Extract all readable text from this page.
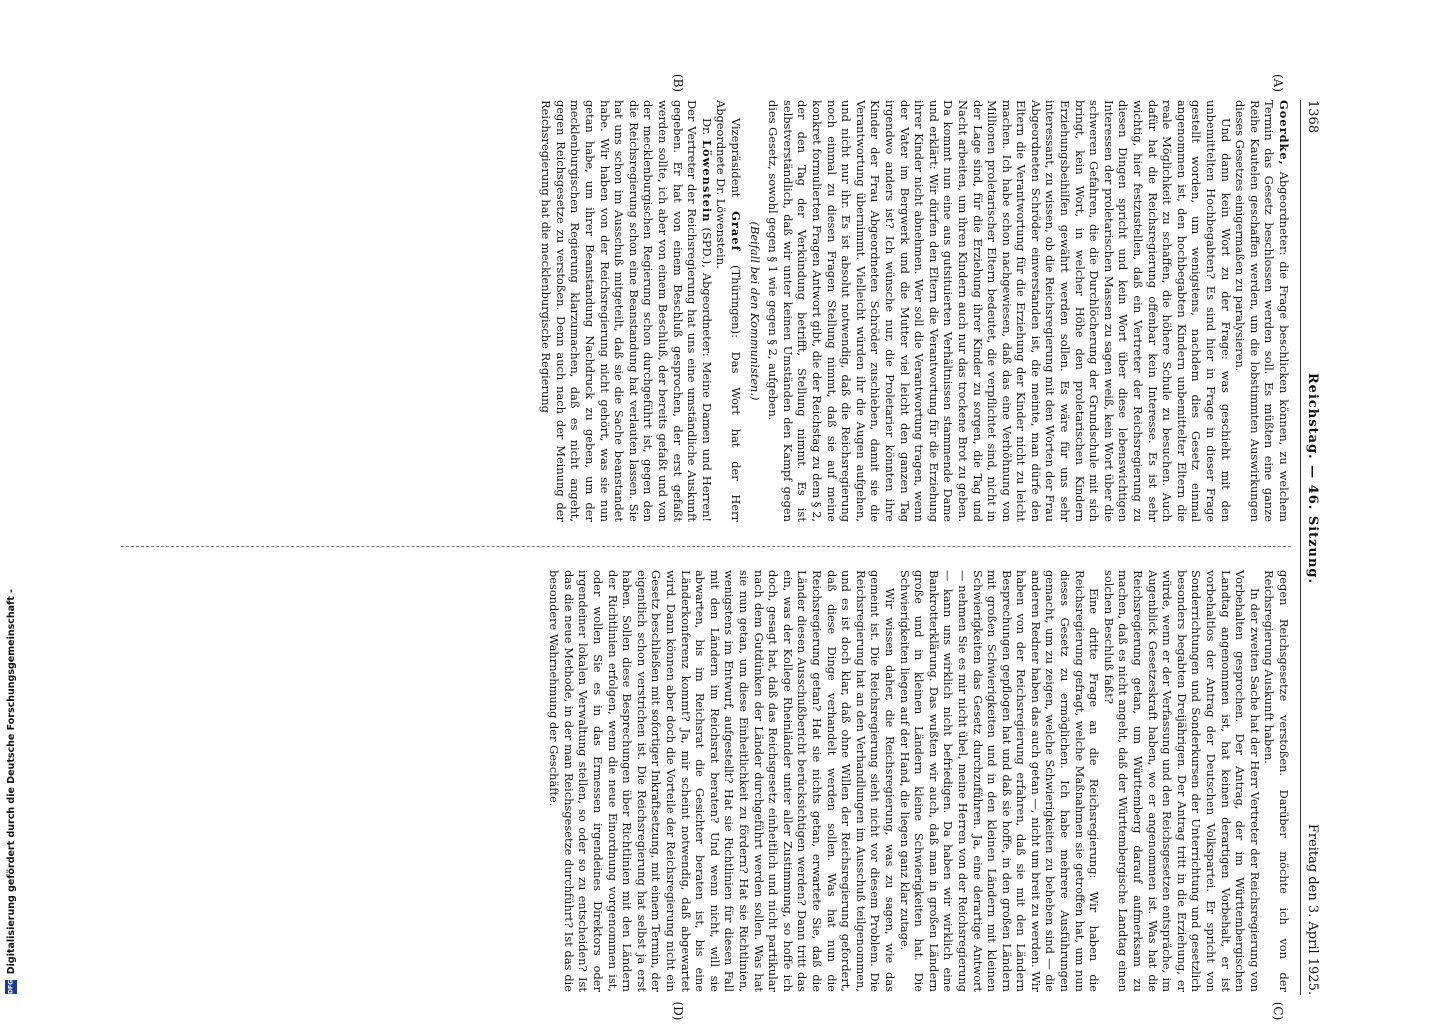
Digitalisierung gefördert durch die Deutsche Forschungsgemeinschaft -
DFG
1368
Reichstag. — 46. Sitzung.
Freitag den 3. April 1925.
(A)
(B)
(C)
(D)

Goerdke, Abgeordneter: die Frage beschlicken können, zu welchem Termin das Gesetz beschlossen werden soll. Es müßten eine ganze Reihe Kautelen geschaffen werden, um die lobstimmten Auswirkungen dieses Gesetzes einigermaßen zu paralysieren.

Und dann kein Wort zu der Frage: was geschieht mit den unbemittelten Hochbegabten? Es sind hier in Frage in dieser Frage gestellt worden, um wenigstens, nachdem dies Gesetz einmal angenommen ist, den hochbegabten Kindern unbemittelter Eltern die reale Möglichkeit zu schaffen, die höhere Schule zu besuchen. Auch dafür hat die Reichsregierung offenbar kein Interesse. Es ist sehr wichtig, hier festzustellen, daß ein Vertreter der Reichsregierung zu diesen Dingen spricht und kein Wort über diese lebenswichtigen Interessen der proletarischen Massen zu sagen weiß, kein Wort über die schweren Gefahren, die die Durchlöcherung der Grundschule mit sich bringt, kein Wort, in welcher Höhe den proletarischen Kindern Erziehungsbeihilfen gewährt werden sollen. Es wäre für uns sehr interessant, zu wissen, ob die Reichsregierung mit den Worten der Frau Abgeordneten Schröder einverstanden ist, die meinte, man dürfe den Eltern die Verantwortung für die Erziehung der Kinder nicht zu leicht machen. Ich habe schon nachgewiesen, daß das eine Verhöhnung von Millionen proletarischer Eltern bedeutet, die verpflichtet sind, nicht in der Lage sind, für die Erziehung ihrer Kinder zu sorgen, die Tag und Nacht arbeiten, um ihren Kindern auch nur das trockene Brot zu geben. Da kommt nun eine aus gutsituierten Verhältnissen stammende Dame und erklärt: Wir dürfen den Eltern die Verantwortung für die Erziehung ihrer Kinder nicht abnehmen. Wer soll die Verantwortung tragen, wenn der Vater im Bergwerk und die Mutter viel leicht den ganzen Tag irgendwo anders ist? Ich wünsche nur, die Proletarier könnten ihre Kinder der Frau Abgeordneten Schröder zuschieben, damit sie die Verantwortung übernimmt. Vielleicht würden ihr die Augen aufgehen, und nicht nur ihr. Es ist absolut notwendig, daß die Reichsregierung noch einmal zu diesen Fragen Stellung nimmt, daß sie auf meine konkret formulierten Fragen Antwort gibt, die der Reichstag zu dem § 2, der den Tag der Verkündung betrifft, Stellung nimmt. Es ist selbstverständlich, daß wir unter keinen Umständen den Kampf gegen dies Gesetz, sowohl gegen § 1 wie gegen § 2, aufgeben.

(Beifall bei den Kommunisten.)

Vizepräsident Graef (Thüringen): Das Wort hat der Herr Abgeordnete Dr. Löwenstein.

Dr. Löwenstein (SPD.), Abgeordneter: Meine Damen und Herren! Der Vertreter der Reichsregierung hat uns eine umständliche Auskunft gegeben. Er hat von einem Beschluß gesprochen, der erst gefaßt werden sollte, ich aber von einem Beschluß, der bereits gefaßt und von der mecklenburgischen Regierung schon durchgeführt ist, gegen den die Reichsregierung schon eine Beanstandung hat verlauten lassen. Sie hat uns schon im Ausschuß mitgeteilt, daß sie die Sache beanstandet habe. Wir haben von der Reichsregierung nicht gehört, was sie nun getan habe, um ihrer Beanstandung Nachdruck zu geben, um der mecklenburgischen Regierung klarzumachen, daß es nicht angeht, gegen Reichsgesetze zu verstoßen. Denn auch nach der Meinung der Reichsregierung hat die mecklenburgische Regierung

gegen Reichsgesetze verstoßen. Darüber möchte ich von der Reichsregierung Auskunft haben.

In der zweiten Sache hat der Herr Vertreter der Reichsregierung von Vorbehalten gesprochen. Der Antrag, der im Württembergischen Landtag angenommen ist, hat keinen derartigen Vorbehalt, er ist vorbehaltlos der Antrag der Deutschen Volkspartei. Er spricht von Sonderrichtungen und Sonderkursen der Unterrichtung und gesetzlich besonders begabten Dreijährigen. Der Antrag tritt in die Erziehung, er würde, wenn er der Verfassung und den Reichsgesetzen entspräche, im Augenblick Gesetzeskraft haben, wo er angenommen ist. Was hat die Reichsregierung getan, um Württemberg darauf aufmerksam zu machen, daß es nicht angeht, daß der Württembergische Landtag einen solchen Beschluß faßt?

Eine dritte Frage an die Reichsregierung: Wir haben die Reichsregierung gefragt, welche Maßnahmen sie getroffen hat, um nun dieses Gesetz zu ermöglichen. Ich habe mehrere Ausführungen gemacht, um zu zeigen, welche Schwierigkeiten zu beheben sind — die anderen Redner haben das auch getan —, nicht um breit zu werden. Wir haben von der Reichsregierung erfahren, daß sie mit den Ländern Besprechungen gepflogen hat und daß sie hoffe, in den großen Ländern mit großen Schwierigkeiten und in den kleinen Ländern mit kleinen Schwierigkeiten das Gesetz durchzuführen. Ja, eine derartige Antwort — nehmen Sie es mir nicht übel, meine Herren von der Reichsregierung — kann uns wirklich nicht befriedigen. Da haben wir wirklich eine Bankrotterklärung. Das wußten wir auch, daß man in großen Ländern große und in kleinen Ländern kleine Schwierigkeiten hat. Die Schwierigkeiten liegen auf der Hand, die liegen ganz klar zutage.

Wir wissen daher, die Reichsregierung, was zu sagen, wie das gemeint ist. Die Reichsregierung sieht nicht vor diesem Problem. Die Reichsregierung hat an den Verhandlungen im Ausschuß teilgenommen, und es ist doch klar, daß ohne Willen der Reichsregierung gefordert, daß diese Dinge verhandelt werden sollen. Was hat nun die Reichsregierung getan? Hat sie nichts getan, erwartete Sie, daß die Länder diesen Ausschußbericht berücksichtigen werden? Dann tritt das ein, was der Kollege Rheinländer unter aller Zustimmung, so hoffe ich doch, gesagt hat, daß das Reichsgesetz einheitlich und nicht partikular nach dem Gutdünken der Länder durchgeführt werden sollen. Was hat sie nun getan, um diese Einheitlichkeit zu fördern? Hat sie Richtlinien, wenigstens im Entwurf, aufgestellt? Hat sie Richtlinien für diesen Fall mit den Ländern im Reichsrat beraten? Und wenn nicht, will sie abwarten, bis im Reichsrat die Gesichter beraten ist, bis eine Länderkonferenz kommt? Ja, mir scheint notwendig, daß abgewartet wird. Dann können aber doch die Vorteile der Reichsregierung nicht ein Gesetz beschließen mit sofortiger Inkraftsetzung, mit einem Termin, der eigentlich schon verstrichen ist. Die Reichsregierung hat selbst ja erst haben. Sollen diese Besprechungen über Richtlinien mit den Ländern der Richtlinien erfolgen, wenn die neue Einordnung vorgenommen ist, oder wollen Sie es in das Ermessen irgendeines Direktors oder irgendeiner lokalen Verwaltung stellen, so oder so zu entscheiden? Ist das die neue Methode, in der man Reichsgesetze durchführt? Ist das die besondere Wahrnehmung der Geschäfte.
